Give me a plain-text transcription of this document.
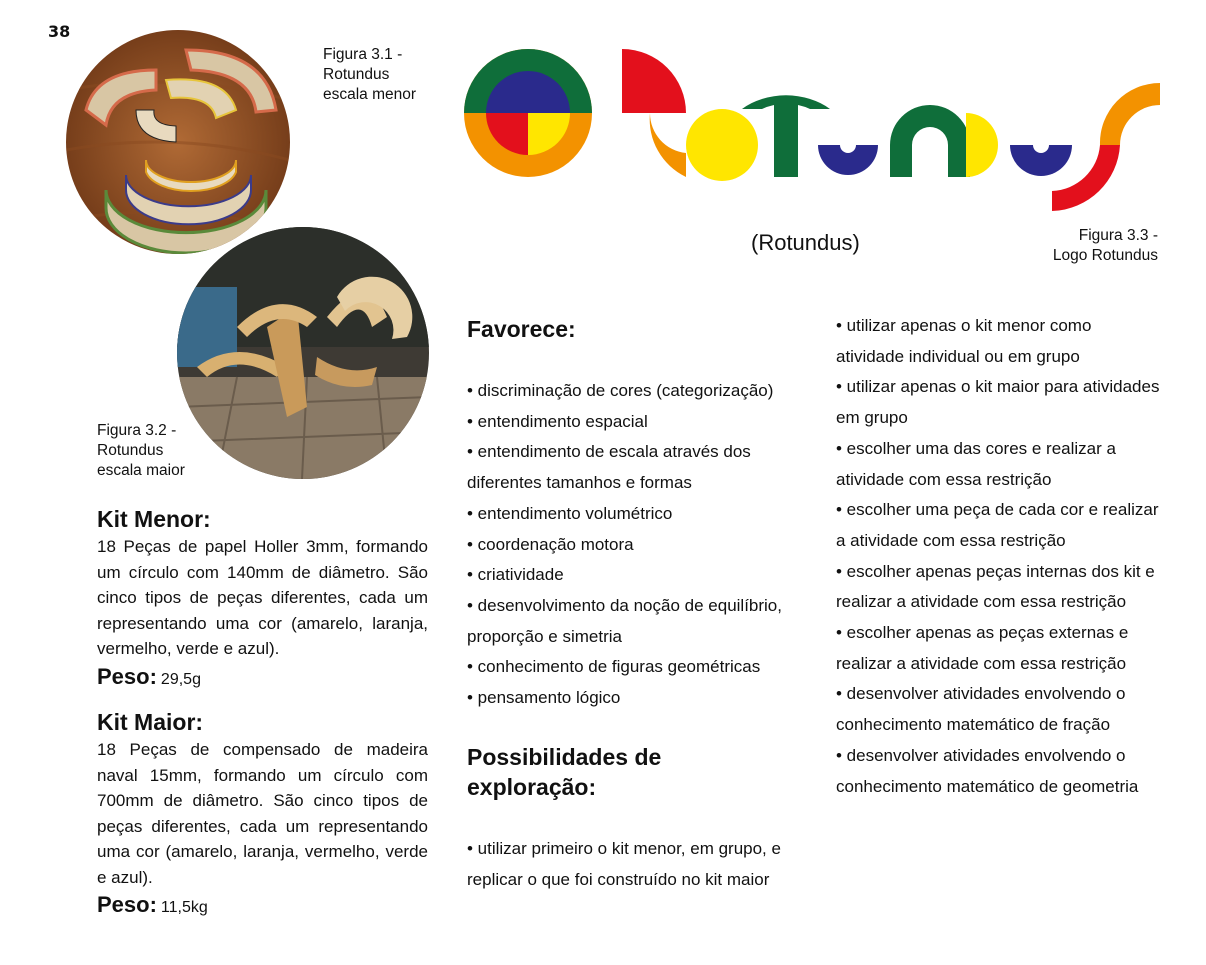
38
Figura 3.1 -
Rotundus
escala menor
Figura 3.2 -
Rotundus
escala maior
Figura 3.3 -
Logo Rotundus
(Rotundus)
Kit Menor:

18 Peças de papel Holler 3mm, formando um círculo com 140mm de diâmetro. São cinco tipos de peças diferentes, cada um representando uma cor (amarelo, laranja, vermelho, verde e azul).

Peso: 29,5g
Kit Maior:

18 Peças de compensado de madeira naval 15mm, formando um círculo com 700mm de diâmetro. São cinco tipos de peças diferentes, cada um representando uma cor (amarelo, laranja, vermelho, verde e azul).

Peso: 11,5kg
Favorece:
• discriminação de cores (categorização)
• entendimento espacial
• entendimento de escala através dos diferentes tamanhos e formas
• entendimento volumétrico
• coordenação motora
• criatividade
• desenvolvimento da noção de equilíbrio, proporção e simetria
• conhecimento de figuras geométricas
• pensamento lógico
Possibilidades de
exploração:
• utilizar primeiro o kit menor, em grupo, e replicar o que foi construído no kit maior
• utilizar apenas o kit menor como atividade individual ou em grupo
• utilizar apenas o kit maior para atividades em grupo
• escolher uma das cores e realizar a atividade com essa restrição
• escolher uma peça de cada cor e realizar a atividade com essa restrição
• escolher apenas peças internas dos kit e realizar a atividade com essa restrição
• escolher apenas as peças externas e realizar a atividade com essa restrição
• desenvolver atividades envolvendo o conhecimento matemático de fração
• desenvolver atividades envolvendo o conhecimento matemático de geometria
